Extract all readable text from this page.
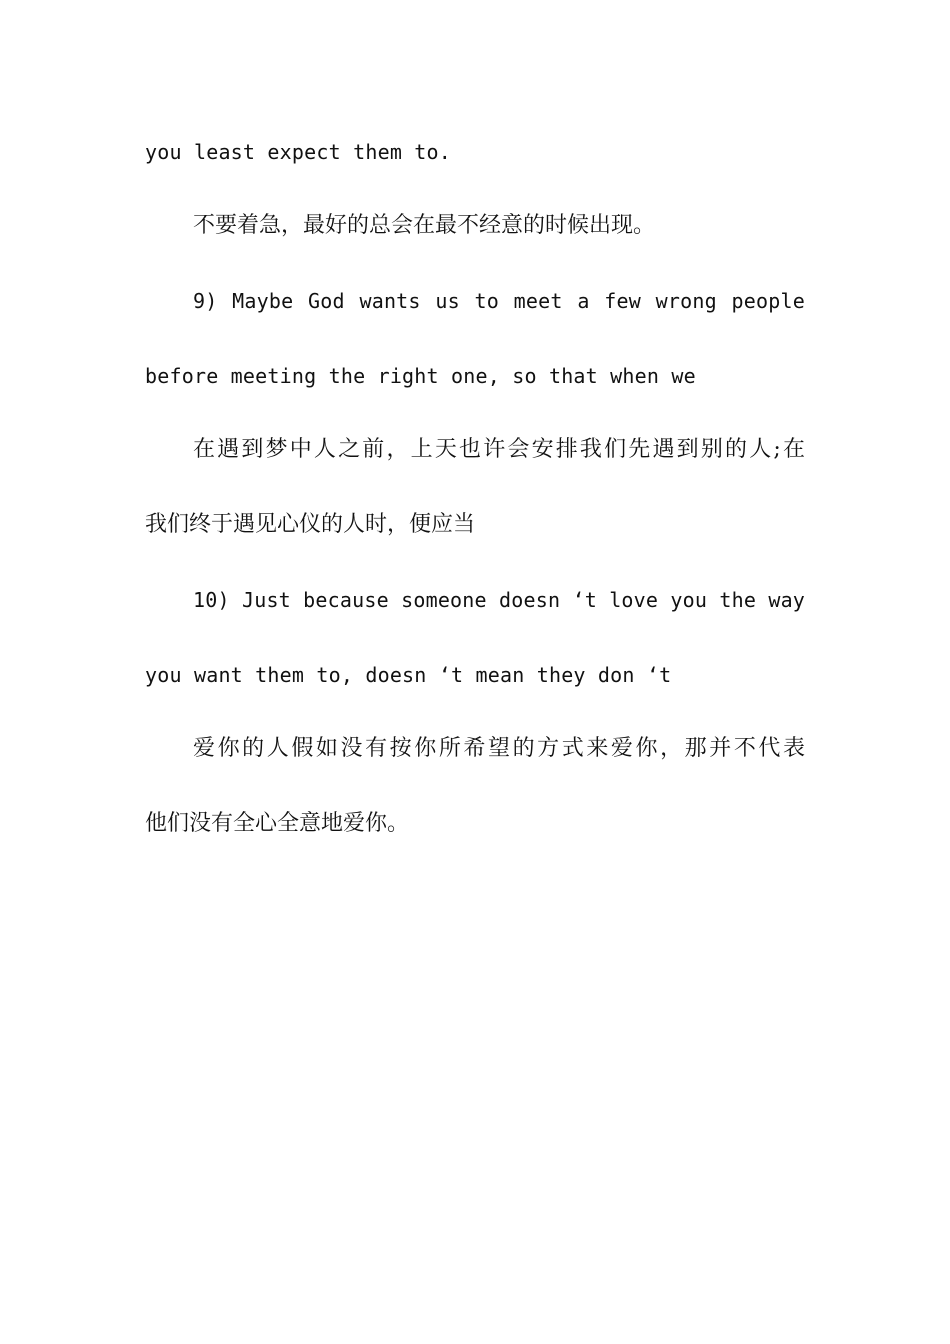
you least expect them to.
不要着急，最好的总会在最不经意的时候出现。
9) Maybe God wants us to meet a few wrong people
before meeting the right one, so that when we
在遇到梦中人之前，上天也许会安排我们先遇到别的人;在
我们终于遇见心仪的人时，便应当
10) Just because someone doesn ‘t love you the way
you want them to, doesn ‘t mean they don ‘t
爱你的人假如没有按你所希望的方式来爱你，那并不代表
他们没有全心全意地爱你。
